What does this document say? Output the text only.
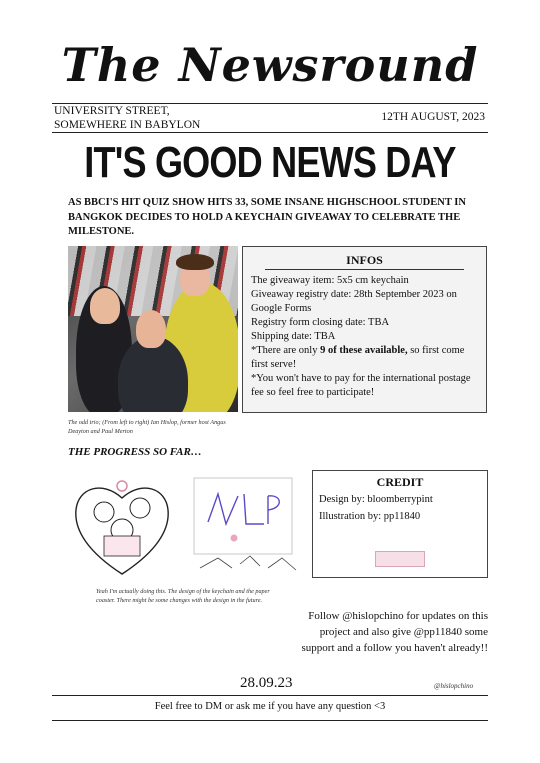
The Newsround
UNIVERSITY STREET,
SOMEWHERE IN BABYLON
12TH AUGUST, 2023
IT'S GOOD NEWS DAY
AS BBCI'S HIT QUIZ SHOW HITS 33, SOME INSANE HIGHSCHOOL STUDENT IN BANGKOK DECIDES TO HOLD A KEYCHAIN GIVEAWAY TO CELEBRATE THE MILESTONE.
The odd trio; (From left to right) Ian Hislop, former host Angus Deayton and Paul Merton
INFOS

The giveaway item: 5x5 cm keychain

Giveaway registry date: 28th September 2023 on Google Forms

Registry form closing date: TBA

Shipping date: TBA

*There are only 9 of these available, so first come first serve!

*You won't have to pay for the international postage fee so feel free to participate!

THE PROGRESS SO FAR…
Yeah I'm actually doing this. The design of the keychain and the paper coaster. There might be some changes with the design in the future.
CREDIT

Design by: bloomberrypint

Illustration by: pp11840

Follow @hislopchino for updates on this project and also give @pp11840 some support and a follow you haven't already!!
28.09.23	@hislopchino
Feel free to DM or ask me if you have any question <3
